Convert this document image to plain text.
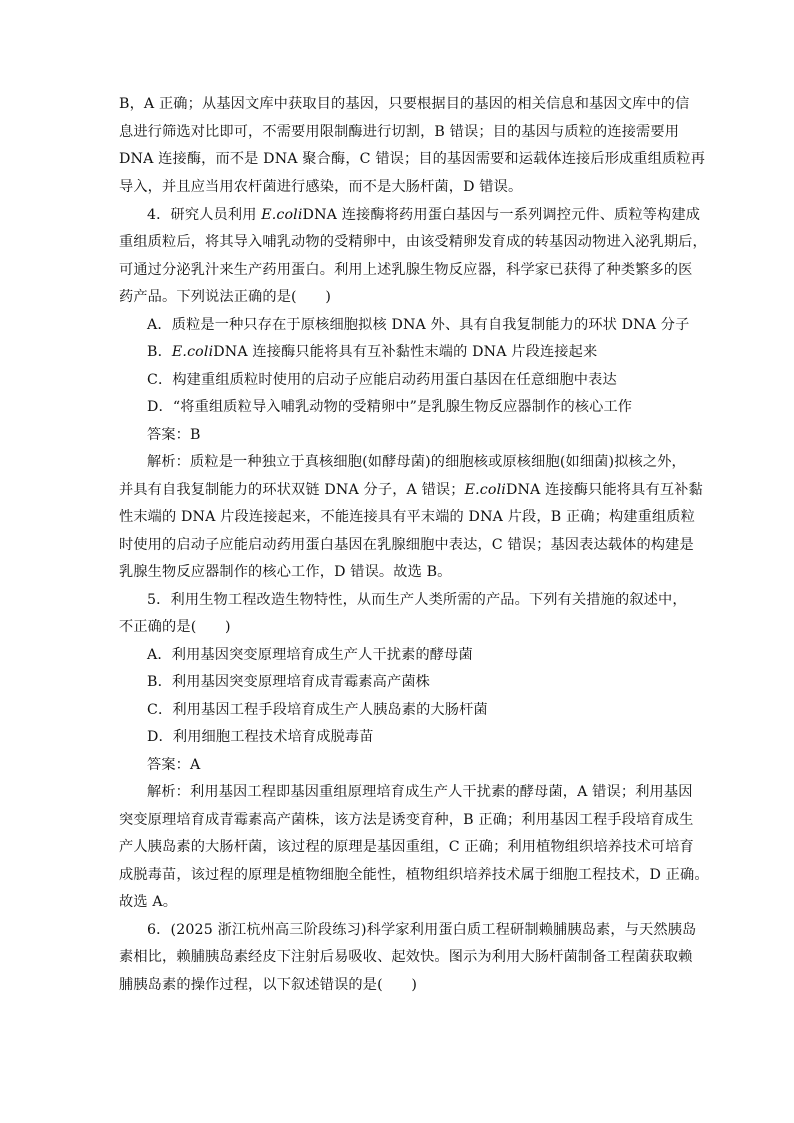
B，A 正确；从基因文库中获取目的基因，只要根据目的基因的相关信息和基因文库中的信
息进行筛选对比即可，不需要用限制酶进行切割，B 错误；目的基因与质粒的连接需要用
DNA 连接酶，而不是 DNA 聚合酶，C 错误；目的基因需要和运载体连接后形成重组质粒再
导入，并且应当用农杆菌进行感染，而不是大肠杆菌，D 错误。
4．研究人员利用 E.coliDNA 连接酶将药用蛋白基因与一系列调控元件、质粒等构建成
重组质粒后，将其导入哺乳动物的受精卵中，由该受精卵发育成的转基因动物进入泌乳期后，
可通过分泌乳汁来生产药用蛋白。利用上述乳腺生物反应器，科学家已获得了种类繁多的医
药产品。下列说法正确的是(　　)
A．质粒是一种只存在于原核细胞拟核 DNA 外、具有自我复制能力的环状 DNA 分子
B．E.coliDNA 连接酶只能将具有互补黏性末端的 DNA 片段连接起来
C．构建重组质粒时使用的启动子应能启动药用蛋白基因在任意细胞中表达
D．“将重组质粒导入哺乳动物的受精卵中”是乳腺生物反应器制作的核心工作
答案：B
解析：质粒是一种独立于真核细胞(如酵母菌)的细胞核或原核细胞(如细菌)拟核之外，
并具有自我复制能力的环状双链 DNA 分子，A 错误；E.coliDNA 连接酶只能将具有互补黏
性末端的 DNA 片段连接起来，不能连接具有平末端的 DNA 片段，B 正确；构建重组质粒
时使用的启动子应能启动药用蛋白基因在乳腺细胞中表达，C 错误；基因表达载体的构建是
乳腺生物反应器制作的核心工作，D 错误。故选 B。
5．利用生物工程改造生物特性，从而生产人类所需的产品。下列有关措施的叙述中，
不正确的是(　　)
A．利用基因突变原理培育成生产人干扰素的酵母菌
B．利用基因突变原理培育成青霉素高产菌株
C．利用基因工程手段培育成生产人胰岛素的大肠杆菌
D．利用细胞工程技术培育成脱毒苗
答案：A
解析：利用基因工程即基因重组原理培育成生产人干扰素的酵母菌，A 错误；利用基因
突变原理培育成青霉素高产菌株，该方法是诱变育种，B 正确；利用基因工程手段培育成生
产人胰岛素的大肠杆菌，该过程的原理是基因重组，C 正确；利用植物组织培养技术可培育
成脱毒苗，该过程的原理是植物细胞全能性，植物组织培养技术属于细胞工程技术，D 正确。
故选 A。
6．(2025 浙江杭州高三阶段练习)科学家利用蛋白质工程研制赖脯胰岛素，与天然胰岛
素相比，赖脯胰岛素经皮下注射后易吸收、起效快。图示为利用大肠杆菌制备工程菌获取赖
脯胰岛素的操作过程，以下叙述错误的是(　　)
